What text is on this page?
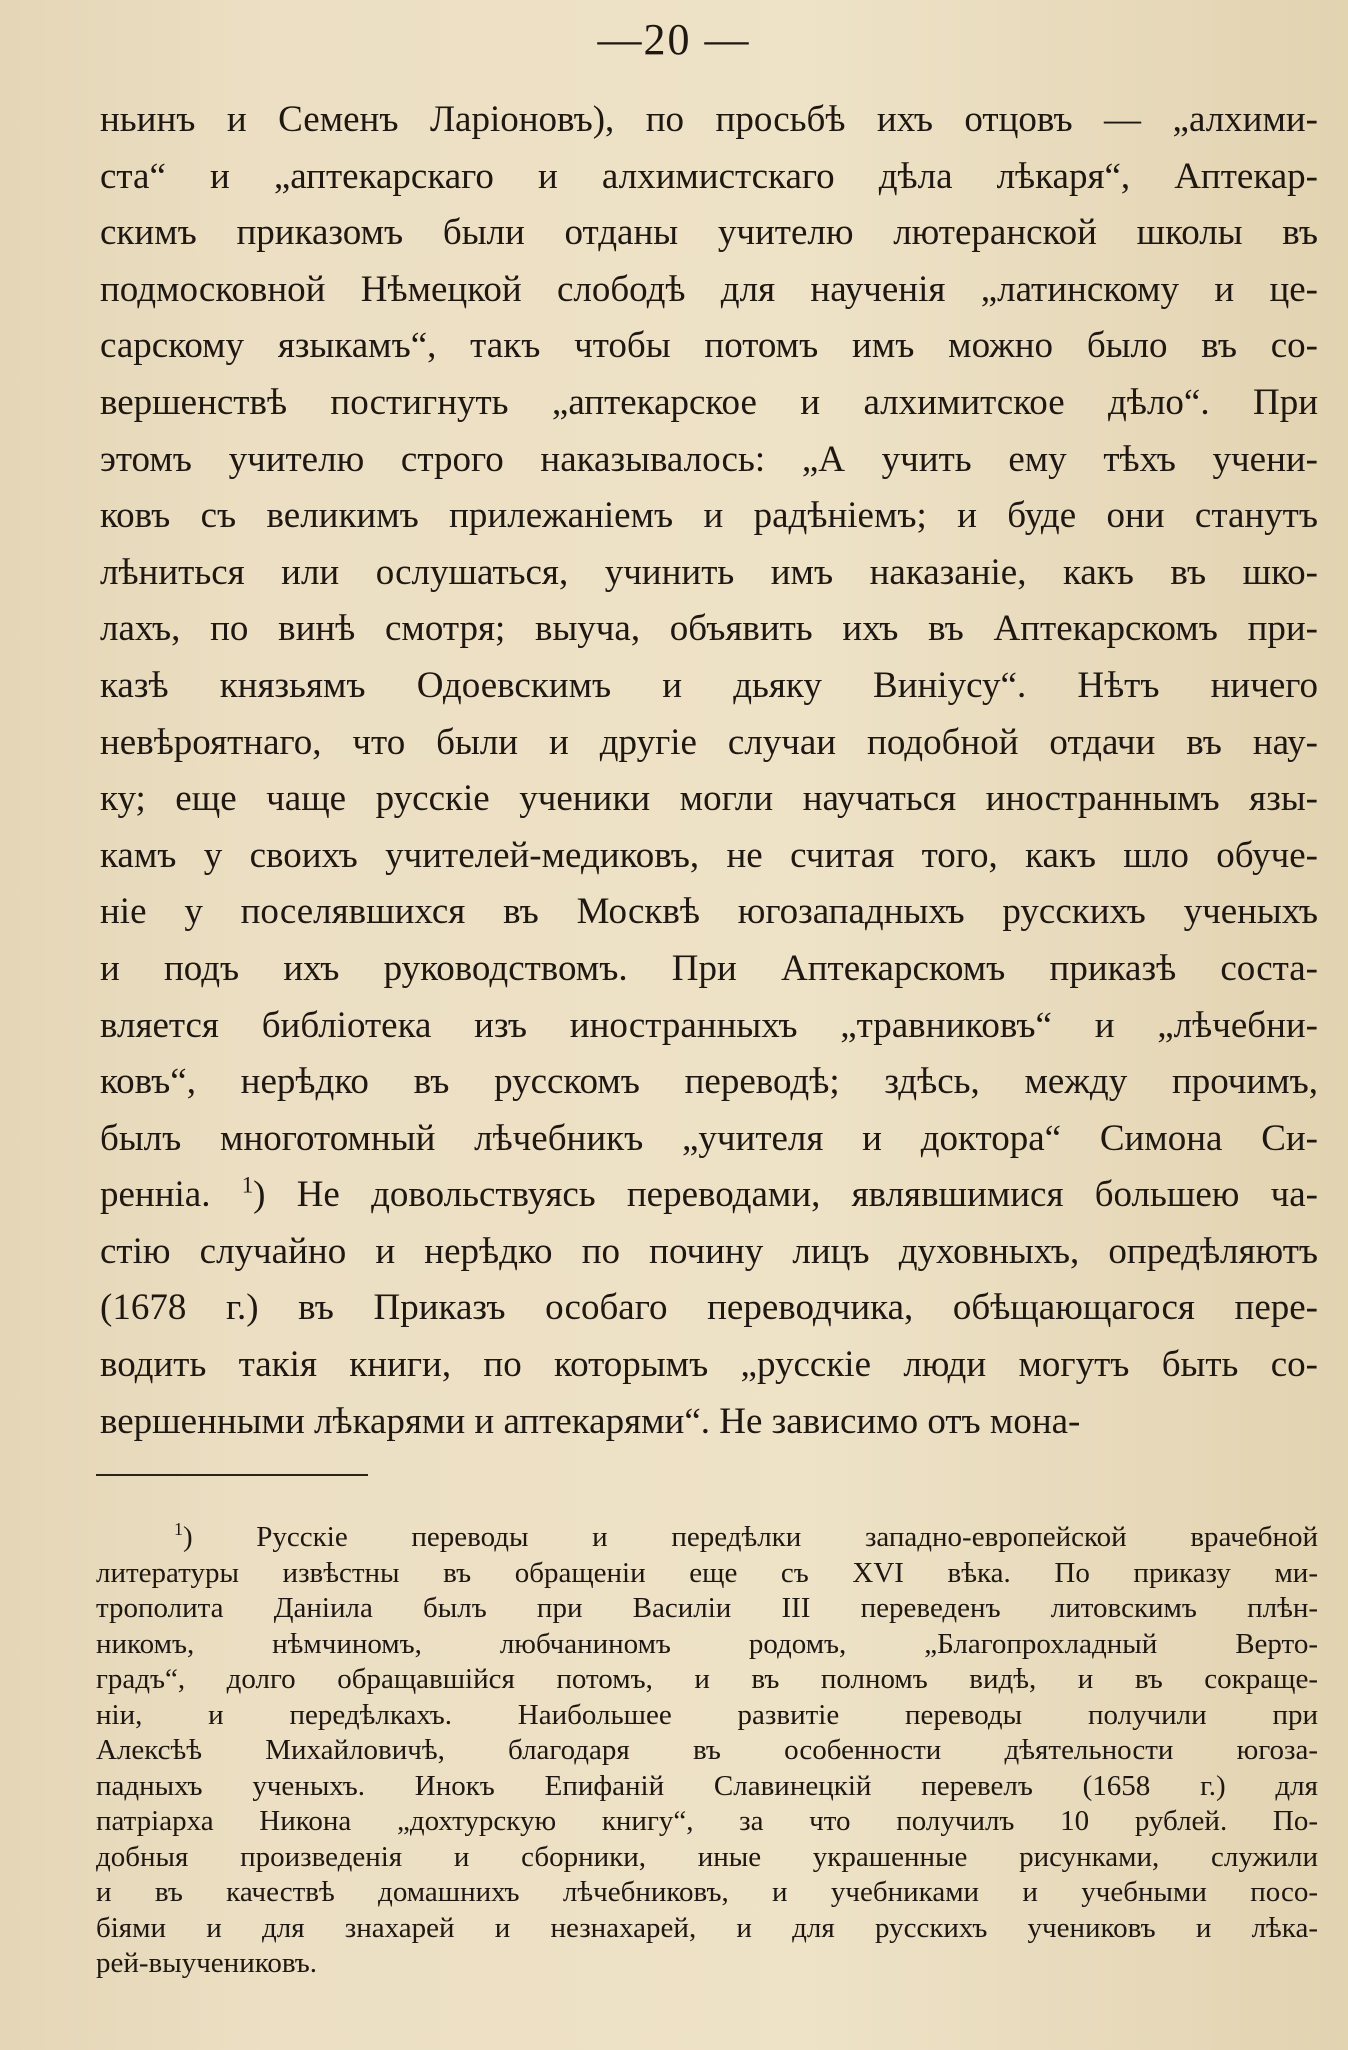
—20 —
ньинъ и Семенъ Ларіоновъ), по просьбѣ ихъ отцовъ — „алхими-
ста“ и „аптекарскаго и алхимистскаго дѣла лѣкаря“, Аптекар-
скимъ приказомъ были отданы учителю лютеранской школы въ
подмосковной Нѣмецкой слободѣ для наученія „латинскому и це-
сарскому языкамъ“, такъ чтобы потомъ имъ можно было въ со-
вершенствѣ постигнуть „аптекарское и алхимитское дѣло“. При
этомъ учителю строго наказывалось: „А учить ему тѣхъ учени-
ковъ съ великимъ прилежаніемъ и радѣніемъ; и буде они станутъ
лѣниться или ослушаться, учинить имъ наказаніе, какъ въ шко-
лахъ, по винѣ смотря; выуча, объявить ихъ въ Аптекарскомъ при-
казѣ князьямъ Одоевскимъ и дьяку Виніусу“. Нѣтъ ничего
невѣроятнаго, что были и другіе случаи подобной отдачи въ нау-
ку; еще чаще русскіе ученики могли научаться иностраннымъ язы-
камъ у своихъ учителей-медиковъ, не считая того, какъ шло обуче-
ніе у поселявшихся въ Москвѣ югозападныхъ русскихъ ученыхъ
и подъ ихъ руководствомъ. При Аптекарскомъ приказѣ соста-
вляется библіотека изъ иностранныхъ „травниковъ“ и „лѣчебни-
ковъ“, нерѣдко въ русскомъ переводѣ; здѣсь, между прочимъ,
былъ многотомный лѣчебникъ „учителя и доктора“ Симона Си-
ренніа. $^1$) Не довольствуясь переводами, являвшимися большею ча-
стію случайно и нерѣдко по почину лицъ духовныхъ, опредѣляютъ
(1678 г.) въ Приказъ особаго переводчика, обѣщающагося пере-
водить такія книги, по которымъ „русскіе люди могутъ быть со-
вершенными лѣкарями и аптекарями“. Не зависимо отъ мона-
$^1$) Русскіе переводы и передѣлки западно-европейской врачебной
литературы извѣстны въ обращеніи еще съ XVI вѣка. По приказу ми-
трополита Даніила былъ при Василіи III переведенъ литовскимъ плѣн-
никомъ, нѣмчиномъ, любчаниномъ родомъ, „Благопрохладный Верто-
градъ“, долго обращавшійся потомъ, и въ полномъ видѣ, и въ сокраще-
ніи, и передѣлкахъ. Наибольшее развитіе переводы получили при
Алексѣѣ Михайловичѣ, благодаря въ особенности дѣятельности югоза-
падныхъ ученыхъ. Инокъ Епифаній Славинецкій перевелъ (1658 г.) для
патріарха Никона „дохтурскую книгу“, за что получилъ 10 рублей. По-
добныя произведенія и сборники, иные украшенные рисунками, служили
и въ качествѣ домашнихъ лѣчебниковъ, и учебниками и учебными посо-
біями и для знахарей и незнахарей, и для русскихъ учениковъ и лѣка-
рей-выучениковъ.
